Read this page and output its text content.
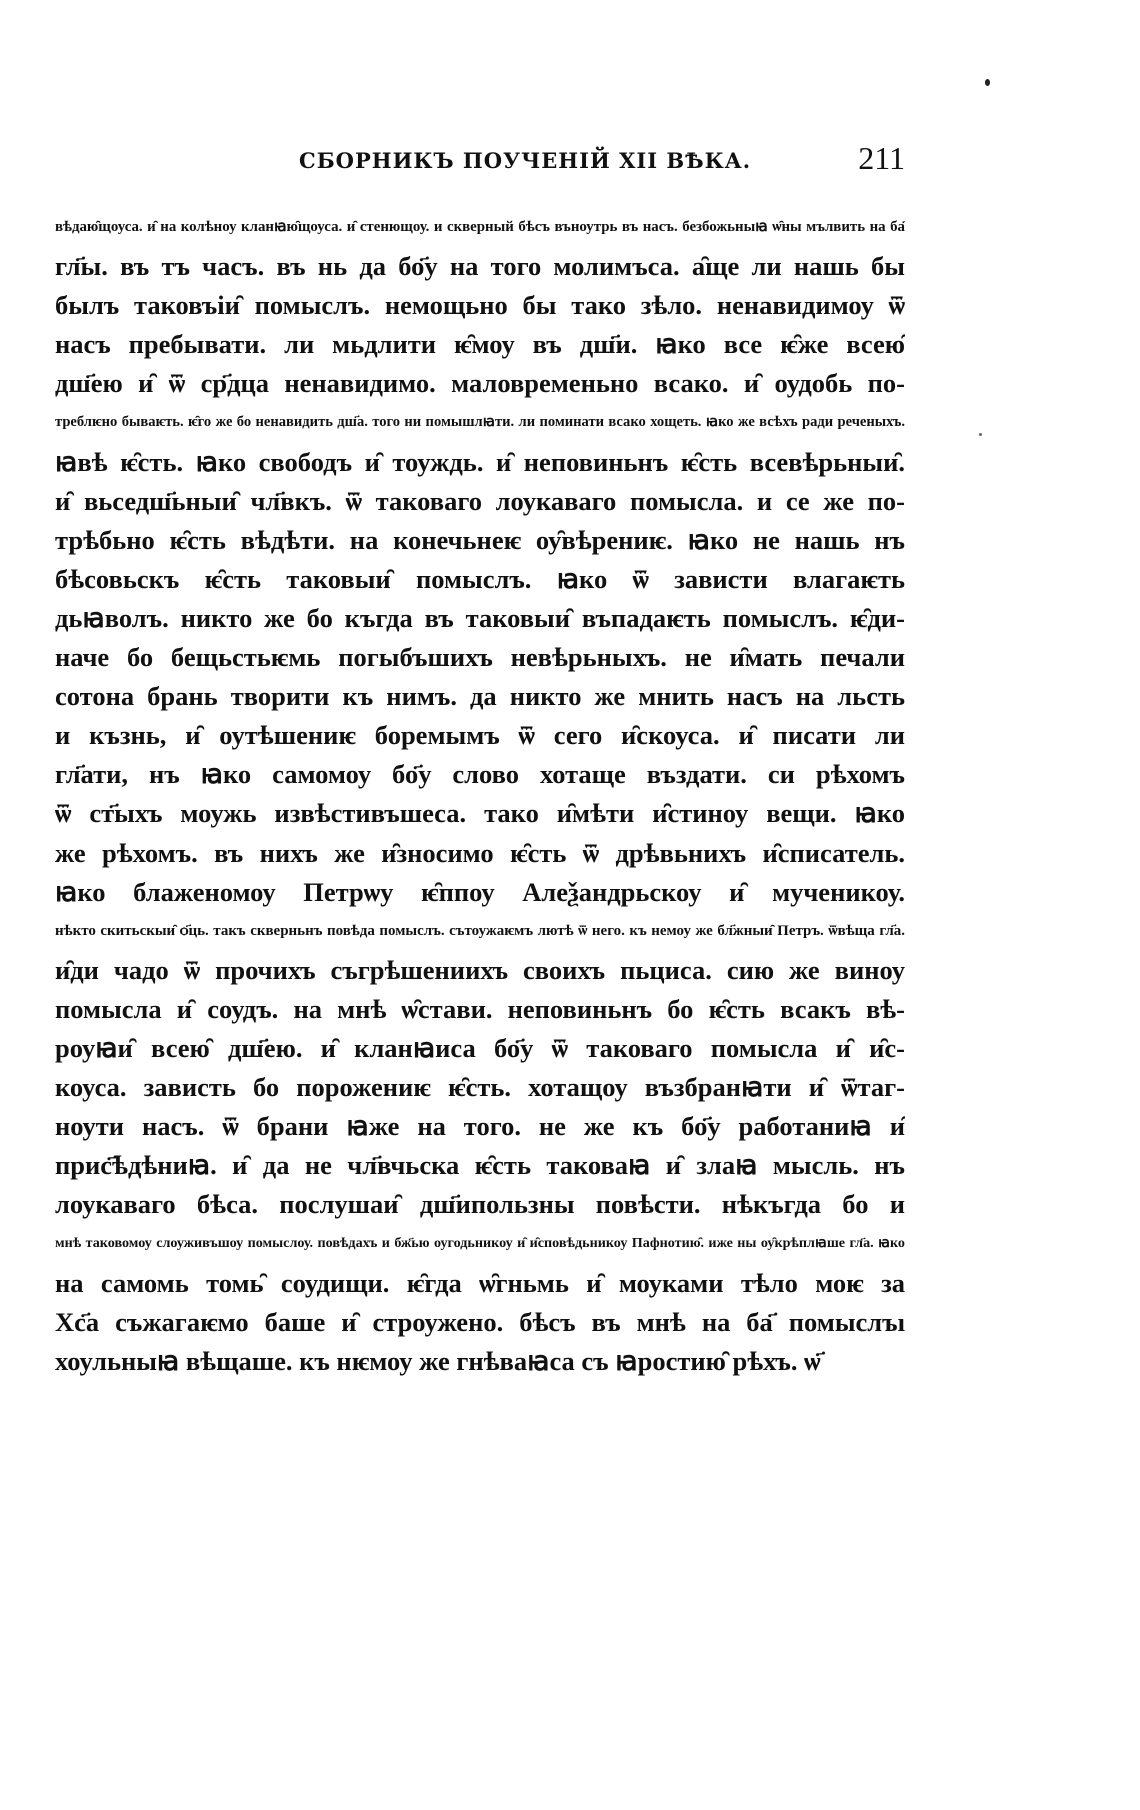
СБОРНИКЪ ПОУЧЕНІЙ XII ВѢКА.	211
вѣдаю̑щоуса. и̑ на колѣноу кланꙗю̑щоуса. и̑ стенющоу. и скверный бѣсъ въноутрь въ насъ. безбожьныꙗ ѡ̑ны мълвить на ба҃
гл҃ы. въ тъ часъ. въ нь да бо҃у на того молимъса. а̑ще ли нашь бы
былъ таковъіи̑ помыслъ. немощьно бы тако зѣло. ненавидимоу ѿ
насъ пребывати. ли мьдлити ѥ̑моу въ дш҃и. ꙗко все ѥ̑же всею̑
дш҃ею и̑ ѿ ср҃дца ненавидимо. маловременьно всако. и̑ оудобь по-
треблѥно бываѥть. ѥ̑го же бо ненавидить дш҃а. того ни помышлꙗти. ли поминати всако хощеть. ꙗко же всѣхъ ради реченыхъ.
ꙗвѣ ѥ̑сть. ꙗко свободъ и̑ тоуждь. и̑ неповиньнъ ѥ̑сть всевѣрьныи̑.
и̑ вьседш҃ьныи̑ чл҃вкъ. ѿ таковаго лоукаваго помысла. и се же по-
трѣбьно ѥ̑сть вѣдѣти. на конечьнеѥ оу̑вѣрениѥ. ꙗко не нашь нъ
бѣсовьскъ ѥ̑сть таковыи̑ помыслъ. ꙗко ѿ зависти влагаѥть
дьꙗволъ. никто же бо къгда въ таковыи̑ въпадаѥть помыслъ. ѥ̑ди-
наче бо бещьстьѥмь погыбъшихъ невѣрьныхъ. не и̑мать печали
сотона брань творити къ нимъ. да никто же мнить насъ на льсть
и къзнь, и̑ оутѣшениѥ боремымъ ѿ сего и̑скоуса. и̑ писати ли
гл҃ати, нъ ꙗко самомоу бо҃у слово хотаще въздати. си рѣхомъ
ѿ ст҃ыхъ моужь извѣстивъшеса. тако и̑мѣти и̑стиноу вещи. ꙗко
же рѣхомъ. въ нихъ же и̑зносимо ѥ̑сть ѿ дрѣвьнихъ и̑списатель.
ꙗко блаженомоу Петрѡу ѥ̑ппоу Алеѯандрьскоу и̑ мученикоу.
нѣкто скитьскыи̑ ѻ҃ць. такъ скверньнъ повѣда помыслъ. сътоужаѥмъ лютѣ ѿ него. къ немоу же бл҃жныи̑ Петръ. ѿвѣща гл҃а.
и̑ди чадо ѿ прочихъ съгрѣшениихъ своихъ пьциса. сию же виноу
помысла и̑ соудъ. на мнѣ ѡ̑стави. неповиньнъ бо ѥ̑сть всакъ вѣ-
роуꙗи̑ всею̑ дш҃ею. и̑ кланꙗиса бо҃у ѿ таковаго помысла и̑ и̑с-
коуса. зависть бо порожениѥ ѥ̑сть. хотащоу възбранꙗти и̑ ѿтаг-
ноути насъ. ѿ брани ꙗже на того. не же къ бо҃у работаниꙗ и̑
прис҃ѣдѣниꙗ. и̑ да не чл҃вчьска ѥ̑сть таковаꙗ и̑ злаꙗ мысль. нъ
лоукаваго бѣса. послушаи̑ дш҃ипользны повѣсти. нѣкъгда бо и
мнѣ таковомоу слоуживъшоу помыслоу. повѣдахъ и бж҃ью оугодьникоу и̑ и̑сповѣдьникоу Пафнотию̑. иже ны оу̑крѣплꙗше гл҃а. ꙗко
на самомь томь̑ соудищи. ѥ̑гда ѡ̑гньмь и̑ моуками тѣло моѥ за
Хс҃а съжагаѥмо баше и̑ строужено. бѣсъ въ мнѣ на ба҃ помыслъı
хоульныꙗ вѣщаше. къ нѥмоу же гнѣваꙗса съ ꙗростию̑ рѣхъ. ѡ҃
